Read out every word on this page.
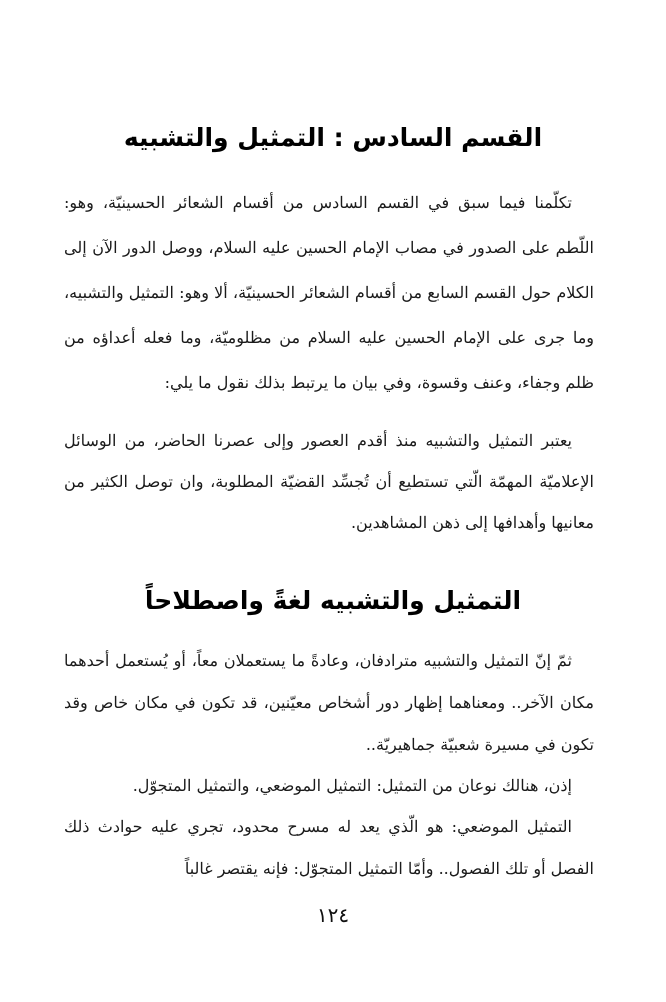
القسم السادس : التمثيل والتشبيه

تكلّمنا فيما سبق في القسم السادس من أقسام الشعائر الحسينيّة، وهو: اللّطم على الصدور في مصاب الإمام الحسين عليه السلام، ووصل الدور الآن إلى الكلام حول القسم السابع من أقسام الشعائر الحسينيّة، ألا وهو: التمثيل والتشبيه، وما جرى على الإمام الحسين عليه السلام من مظلوميّة، وما فعله أعداؤه من ظلم وجفاء، وعنف وقسوة، وفي بيان ما يرتبط بذلك نقول ما يلي:

يعتبر التمثيل والتشبيه منذ أقدم العصور وإلى عصرنا الحاضر، من الوسائل الإعلاميّة المهمّة الّتي تستطيع أن تُجسِّد القضيّة المطلوبة، وان توصل الكثير من معانيها وأهدافها إلى ذهن المشاهدين.

التمثيل والتشبيه لغةً واصطلاحاً

ثمّ إنّ التمثيل والتشبيه مترادفان، وعادةً ما يستعملان معاً، أو يُستعمل أحدهما مكان الآخر.. ومعناهما إظهار دور أشخاص معيّنين، قد تكون في مكان خاص وقد تكون في مسيرة شعبيّة جماهيريّة..

إذن، هنالك نوعان من التمثيل: التمثيل الموضعي، والتمثيل المتجوّل.

التمثيل الموضعي: هو الّذي يعد له مسرح محدود، تجري عليه حوادث ذلك الفصل أو تلك الفصول.. وأمّا التمثيل المتجوّل: فإنه يقتصر غالباً

١٢٤
